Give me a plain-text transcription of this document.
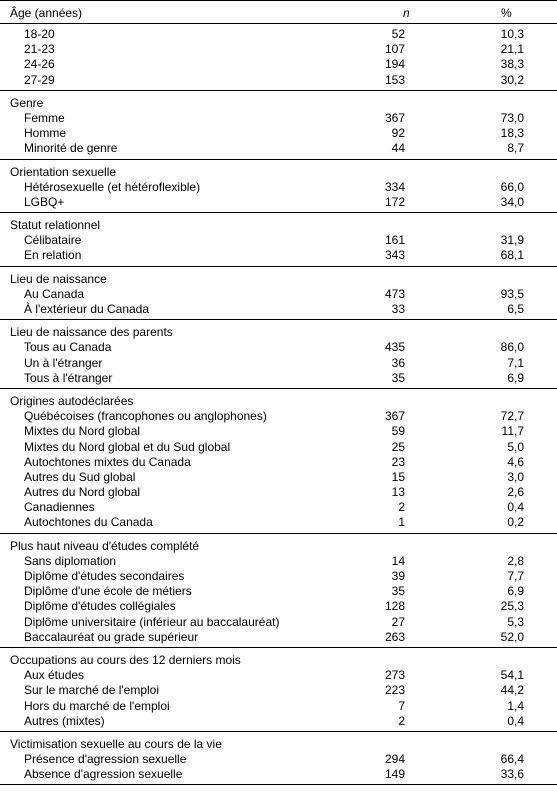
Âge (années)	n	%
18-20	52	10,3
21-23	107	21,1
24-26	194	38,3
27-29	153	30,2
Genre
Femme	367	73,0
Homme	92	18,3
Minorité de genre	44	8,7
Orientation sexuelle
Hétérosexuelle (et hétéroflexible)	334	66,0
LGBQ+	172	34,0
Statut relationnel
Célibataire	161	31,9
En relation	343	68,1
Lieu de naissance
Au Canada	473	93,5
À l'extérieur du Canada	33	6,5
Lieu de naissance des parents
Tous au Canada	435	86,0
Un à l'étranger	36	7,1
Tous à l'étranger	35	6,9
Origines autodéclarées
Québécoises (francophones ou anglophones)	367	72,7
Mixtes du Nord global	59	11,7
Mixtes du Nord global et du Sud global	25	5,0
Autochtones mixtes du Canada	23	4,6
Autres du Sud global	15	3,0
Autres du Nord global	13	2,6
Canadiennes	2	0,4
Autochtones du Canada	1	0,2
Plus haut niveau d'études complété
Sans diplomation	14	2,8
Diplôme d'études secondaires	39	7,7
Diplôme d'une école de métiers	35	6,9
Diplôme d'études collégiales	128	25,3
Diplôme universitaire (inférieur au baccalauréat)	27	5,3
Baccalauréat ou grade supérieur	263	52,0
Occupations au cours des 12 derniers mois
Aux études	273	54,1
Sur le marché de l'emploi	223	44,2
Hors du marché de l'emploi	7	1,4
Autres (mixtes)	2	0,4
Victimisation sexuelle au cours de la vie
Présence d'agression sexuelle	294	66,4
Absence d'agression sexuelle	149	33,6
